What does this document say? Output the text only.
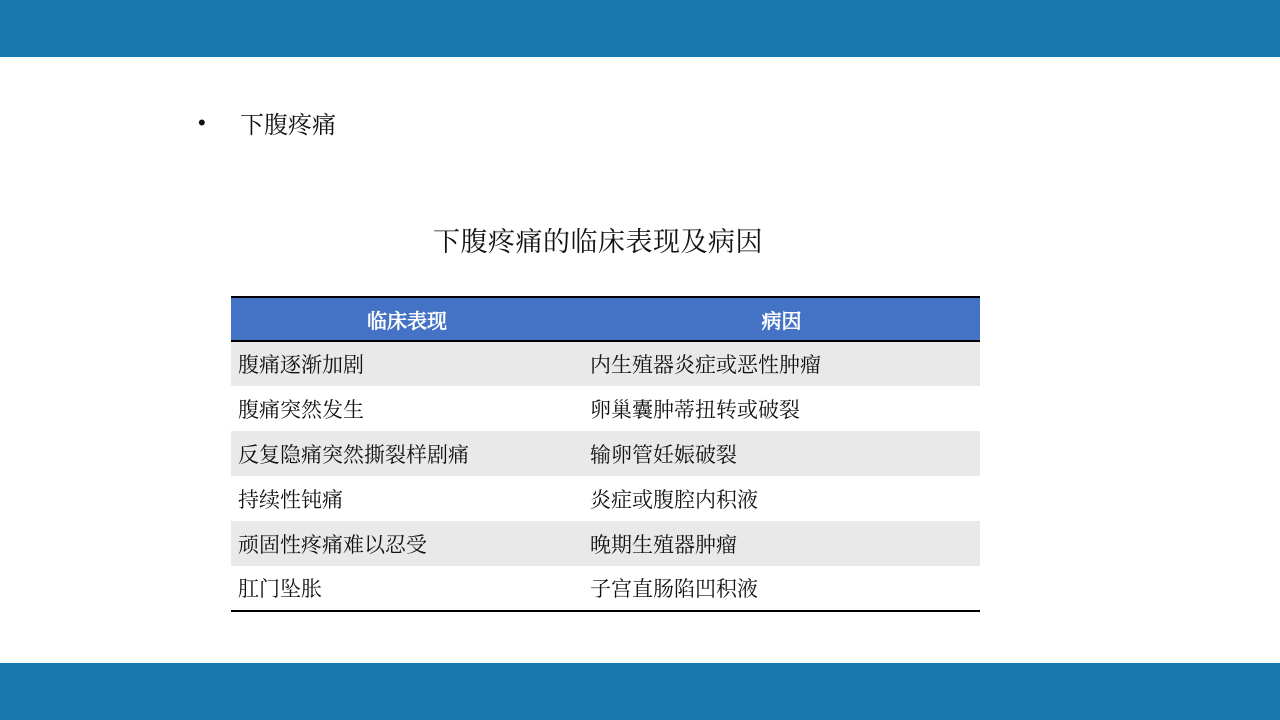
•	下腹疼痛
下腹疼痛的临床表现及病因
临床表现	病因
腹痛逐渐加剧	内生殖器炎症或恶性肿瘤
腹痛突然发生	卵巢囊肿蒂扭转或破裂
反复隐痛突然撕裂样剧痛	输卵管妊娠破裂
持续性钝痛	炎症或腹腔内积液
顽固性疼痛难以忍受	晚期生殖器肿瘤
肛门坠胀	子宫直肠陷凹积液
